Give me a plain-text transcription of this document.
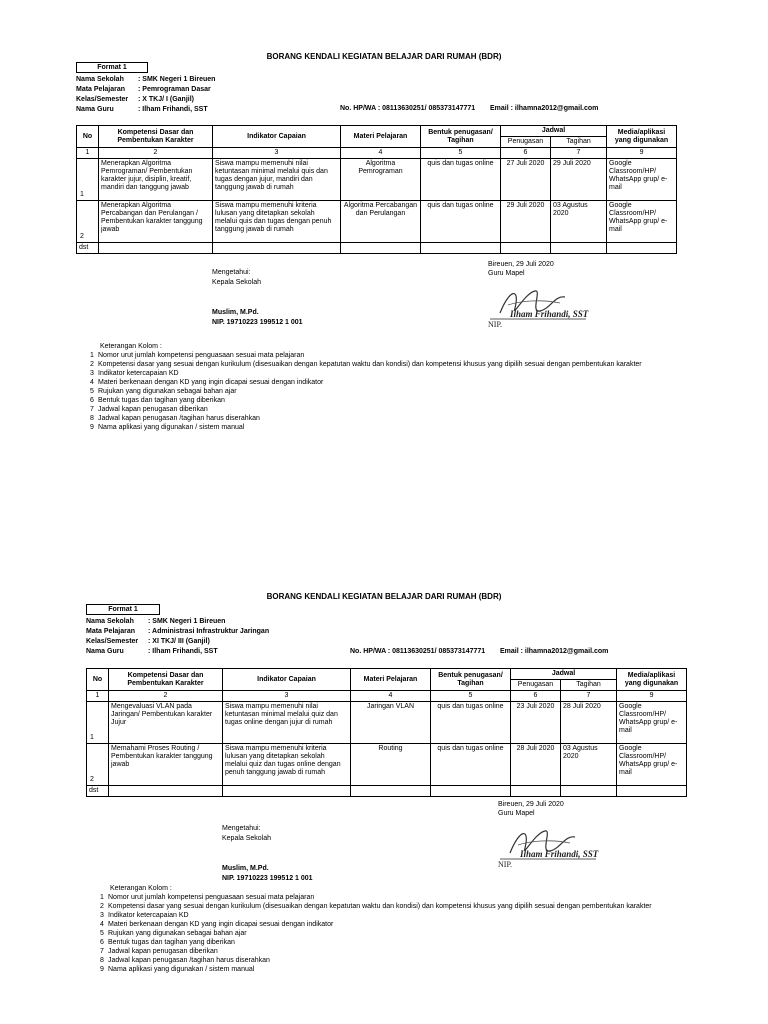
BORANG KENDALI KEGIATAN BELAJAR DARI RUMAH (BDR)
Format 1
Nama Sekolah : SMK Negeri 1 Bireuen
Mata Pelajaran : Pemrograman Dasar
Kelas/Semester : X TKJ/ I (Ganjil)
Nama Guru	: Ilham Frihandi, SST	No. HP/WA : 08113630251/ 085373147771 Email : ilhamna2012@gmail.com
No	Kompetensi Dasar dan Pembentukan Karakter	Indikator Capaian	Materi Pelajaran	Bentuk penugasan/ Tagihan	Jadwal		Media/aplikasi yang digunakan
					Penugasan	Tagihan	
1	2	3	4	5	6	7	9

1	Menerapkan Algoritma Pemrograman/ Pembentukan karakter jujur, disiplin, kreatif, mandiri dan tanggung jawab	Siswa mampu memenuhi nilai ketuntasan minimal melalui quis dan tugas dengan jujur, mandiri dan tanggung jawab di rumah	Algoritma Pemrograman	quis dan tugas online	27 Juli 2020	29 Juli 2020	Google Classroom/HP/ WhatsApp grup/ e-mail

2	Menerapkan Algoritma Percabangan dan Perulangan / Pembentukan karakter tanggung jawab	Siswa mampu memenuhi kriteria lulusan yang ditetapkan sekolah melalui quis dan tugas dengan penuh tanggung jawab di rumah	Algoritma Percabangan dan Perulangan	quis dan tugas online	29 Juli 2020	03 Agustus 2020	Google Classroom/HP/ WhatsApp grup/ e-mail
dst							
Mengetahui:
Kepala Sekolah
Muslim, M.Pd.
NIP. 19710223 199512 1 001
Bireuen, 29 Juli 2020
Guru Mapel
Ilham Frihandi, SST
NIP.
Keterangan Kolom :
1 Nomor urut jumlah kompetensi penguasaan sesuai mata pelajaran
2 Kompetensi dasar yang sesuai dengan kurikulum (disesuaikan dengan kepatutan waktu dan kondisi) dan kompetensi khusus yang dipilih sesuai dengan pembentukan karakter
3 Indikator ketercapaian KD
4 Materi berkenaan dengan KD yang ingin dicapai sesuai dengan indikator
5 Rujukan yang digunakan sebagai bahan ajar
6 Bentuk tugas dan tagihan yang diberikan
7 Jadwal kapan penugasan diberikan
8 Jadwal kapan penugasan /tagihan harus diserahkan
9 Nama aplikasi yang digunakan / sistem manual
BORANG KENDALI KEGIATAN BELAJAR DARI RUMAH (BDR)
Format 1
Nama Sekolah : SMK Negeri 1 Bireuen
Mata Pelajaran : Administrasi Infrastruktur Jaringan
Kelas/Semester : XI TKJ/ III (Ganjil)
Nama Guru	: Ilham Frihandi, SST	No. HP/WA : 08113630251/ 085373147771 Email : ilhamna2012@gmail.com
No	Kompetensi Dasar dan Pembentukan Karakter	Indikator Capaian	Materi Pelajaran	Bentuk penugasan/ Tagihan	Jadwal		Media/aplikasi yang digunakan
					Penugasan	Tagihan	
1	2	3	4	5	6	7	9

1	Mengevaluasi VLAN pada Jaringan/ Pembentukan karakter Jujur	Siswa mampu memenuhi nilai ketuntasan minimal melalui quiz dan tugas online dengan jujur di rumah	Jaringan VLAN	quis dan tugas online	23 Juli 2020	28 Juli 2020	Google Classroom/HP/ WhatsApp grup/ e-mail

2	Memahami Proses Routing / Pembentukan karakter tanggung jawab	Siswa mampu memenuhi kriteria lulusan yang ditetapkan sekolah melalui quiz dan tugas online dengan penuh tanggung jawab di rumah	Routing	quis dan tugas online	28 Juli 2020	03 Agustus 2020	Google Classroom/HP/ WhatsApp grup/ e-mail
dst							
Mengetahui:
Kepala Sekolah
Muslim, M.Pd.
NIP. 19710223 199512 1 001
Bireuen, 29 Juli 2020
Guru Mapel
Ilham Frihandi, SST
NIP.
Keterangan Kolom :
1 Nomor urut jumlah kompetensi penguasaan sesuai mata pelajaran
2 Kompetensi dasar yang sesuai dengan kurikulum (disesuaikan dengan kepatutan waktu dan kondisi) dan kompetensi khusus yang dipilih sesuai dengan pembentukan karakter
3 Indikator ketercapaian KD
4 Materi berkenaan dengan KD yang ingin dicapai sesuai dengan indikator
5 Rujukan yang digunakan sebagai bahan ajar
6 Bentuk tugas dan tagihan yang diberikan
7 Jadwal kapan penugasan diberikan
8 Jadwal kapan penugasan /tagihan harus diserahkan
9 Nama aplikasi yang digunakan / sistem manual
